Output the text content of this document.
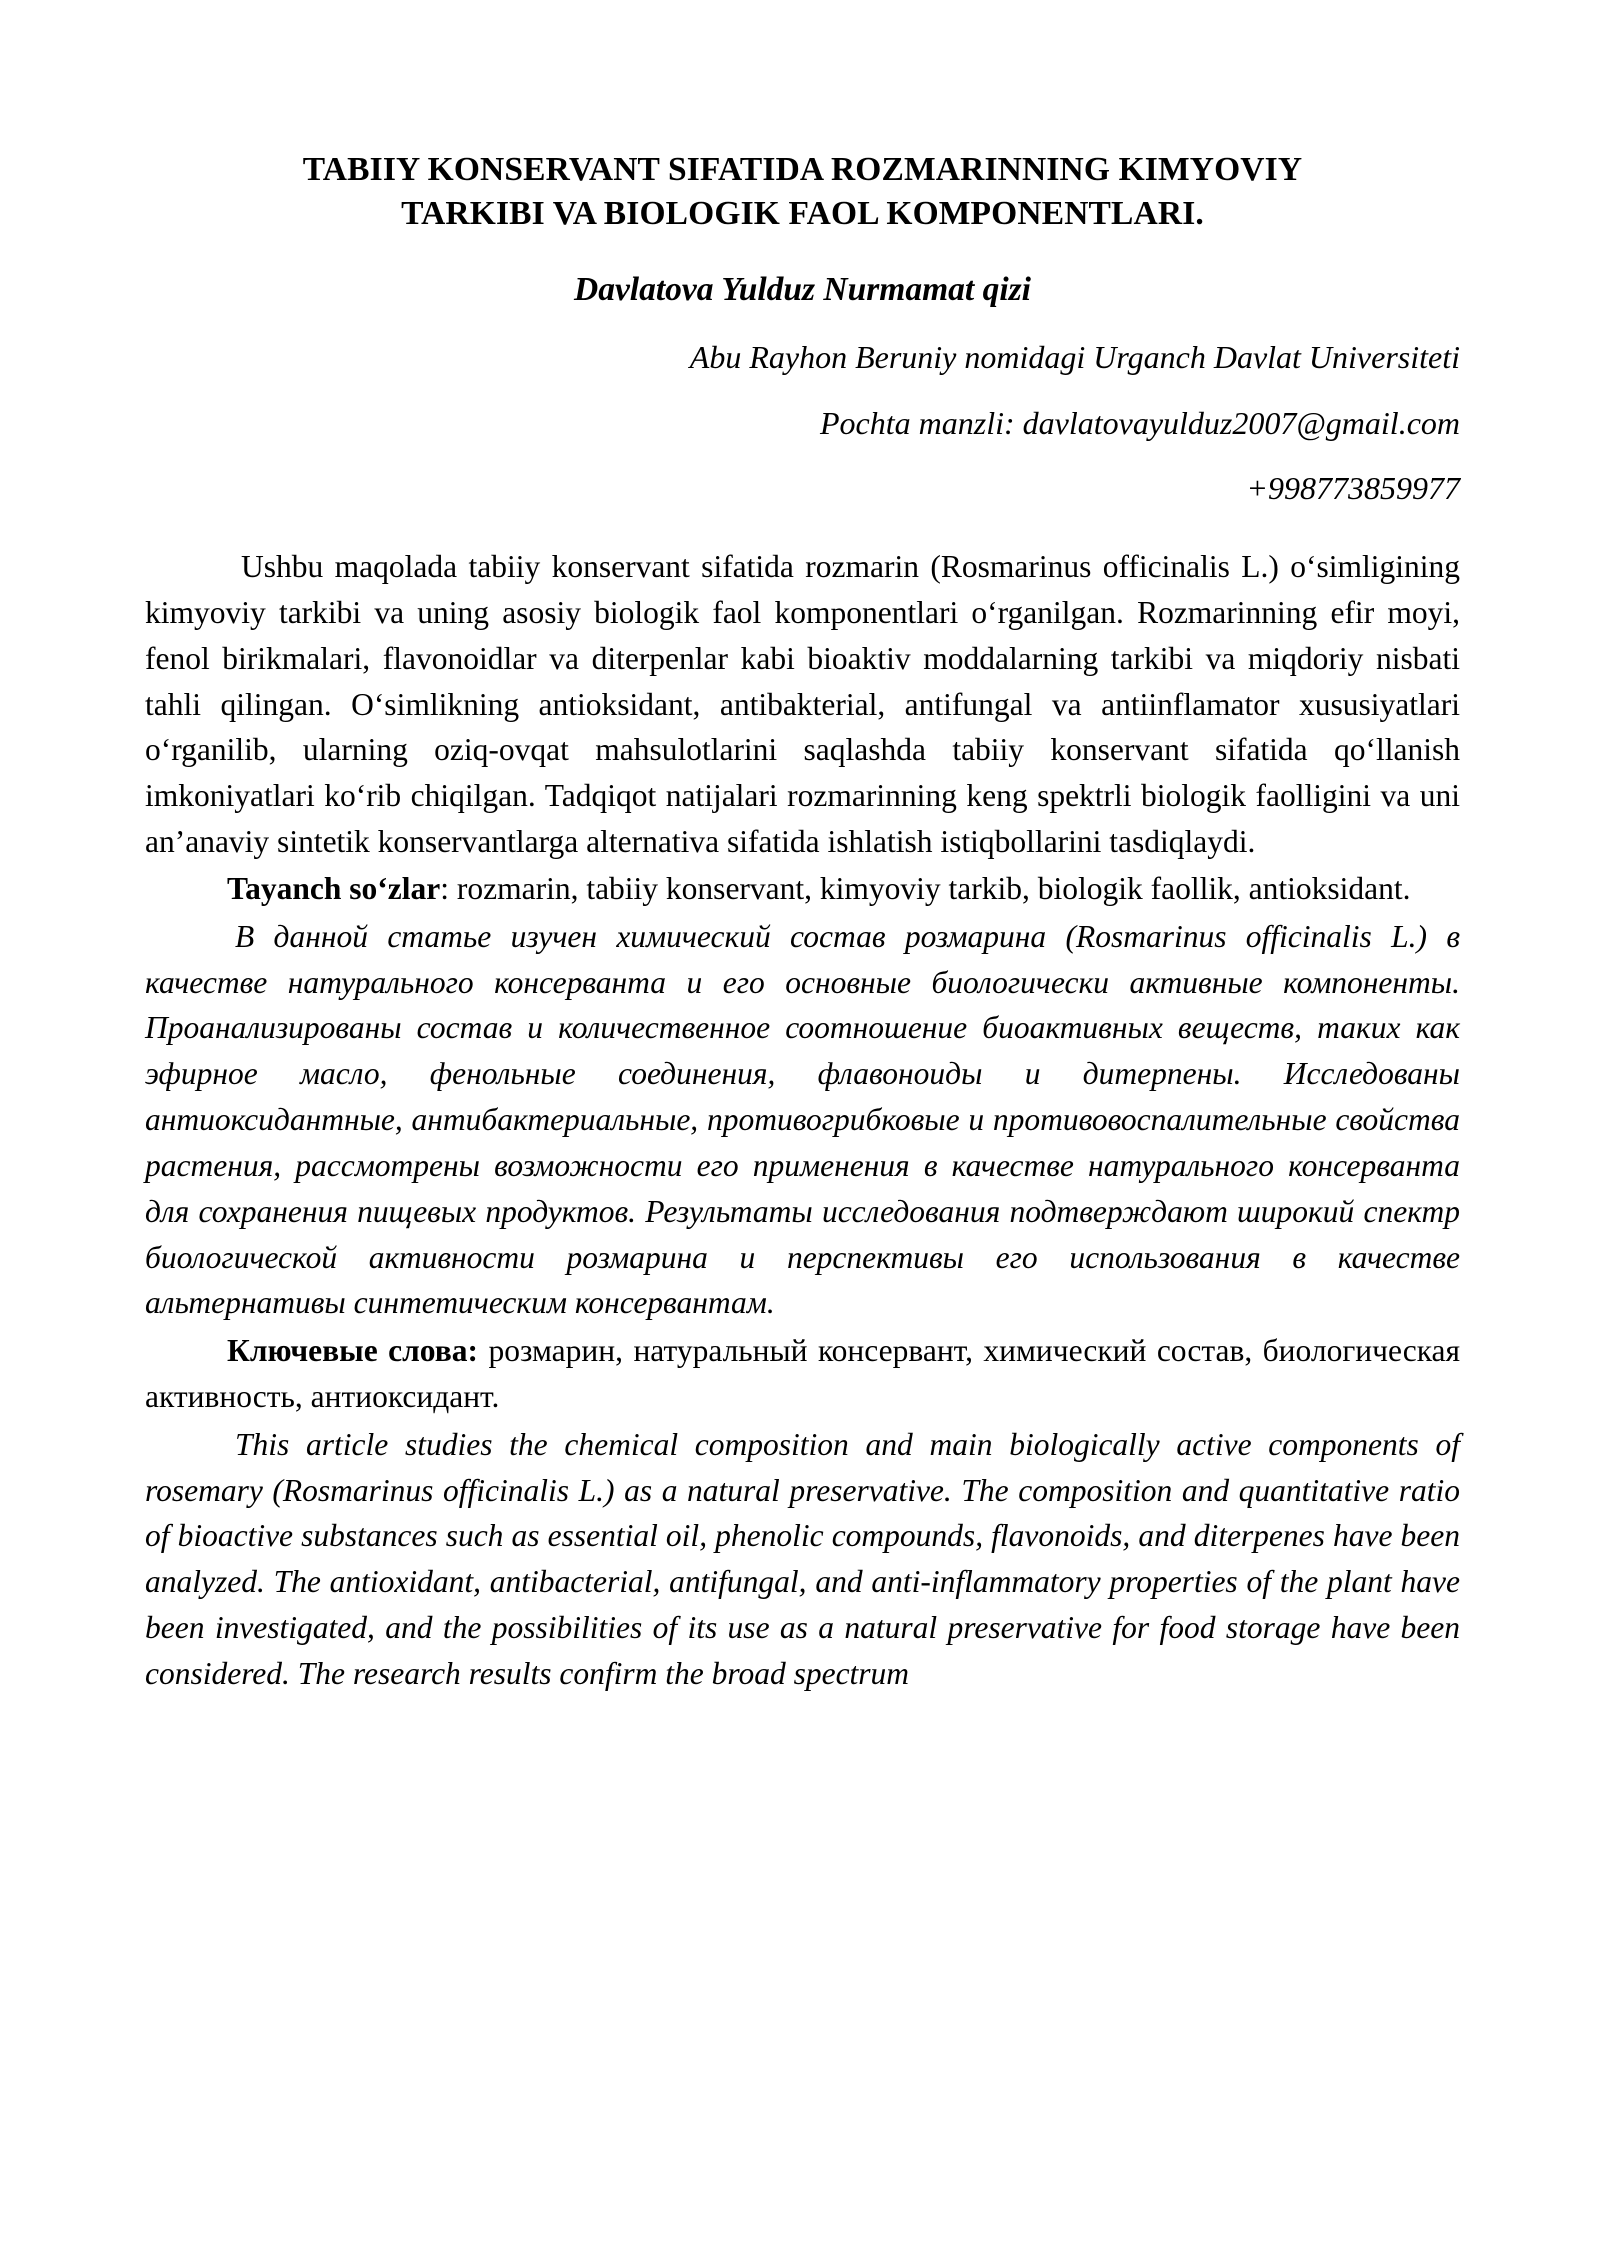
TABIIY KONSERVANT SIFATIDA ROZMARINNING KIMYOVIY
TARKIBI VA BIOLOGIK FAOL KOMPONENTLARI.
Davlatova Yulduz Nurmamat qizi
Abu Rayhon Beruniy nomidagi Urganch Davlat Universiteti
Pochta manzli: davlatovayulduz2007@gmail.com
+998773859977

Ushbu maqolada tabiiy konservant sifatida rozmarin (Rosmarinus officinalis L.) o‘simligining kimyoviy tarkibi va uning asosiy biologik faol komponentlari o‘rganilgan. Rozmarinning efir moyi, fenol birikmalari, flavonoidlar va diterpenlar kabi bioaktiv moddalarning tarkibi va miqdoriy nisbati tahli qilingan. O‘simlikning antioksidant, antibakterial, antifungal va antiinflamator xususiyatlari o‘rganilib, ularning oziq-ovqat mahsulotlarini saqlashda tabiiy konservant sifatida qo‘llanish imkoniyatlari ko‘rib chiqilgan. Tadqiqot natijalari rozmarinning keng spektrli biologik faolligini va uni an’anaviy sintetik konservantlarga alternativa sifatida ishlatish istiqbollarini tasdiqlaydi.

Tayanch so‘zlar: rozmarin, tabiiy konservant, kimyoviy tarkib, biologik faollik, antioksidant.

В данной статье изучен химический состав розмарина (Rosmarinus officinalis L.) в качестве натурального консерванта и его основные биологически активные компоненты. Проанализированы состав и количественное соотношение биоактивных веществ, таких как эфирное масло, фенольные соединения, флавоноиды и дитерпены. Исследованы антиоксидантные, антибактериальные, противогрибковые и противовоспалительные свойства растения, рассмотрены возможности его применения в качестве натурального консерванта для сохранения пищевых продуктов. Результаты исследования подтверждают широкий спектр биологической активности розмарина и перспективы его использования в качестве альтернативы синтетическим консервантам.

Ключевые слова: розмарин, натуральный консервант, химический состав, биологическая активность, антиоксидант.

This article studies the chemical composition and main biologically active components of rosemary (Rosmarinus officinalis L.) as a natural preservative. The composition and quantitative ratio of bioactive substances such as essential oil, phenolic compounds, flavonoids, and diterpenes have been analyzed. The antioxidant, antibacterial, antifungal, and anti-inflammatory properties of the plant have been investigated, and the possibilities of its use as a natural preservative for food storage have been considered. The research results confirm the broad spectrum
